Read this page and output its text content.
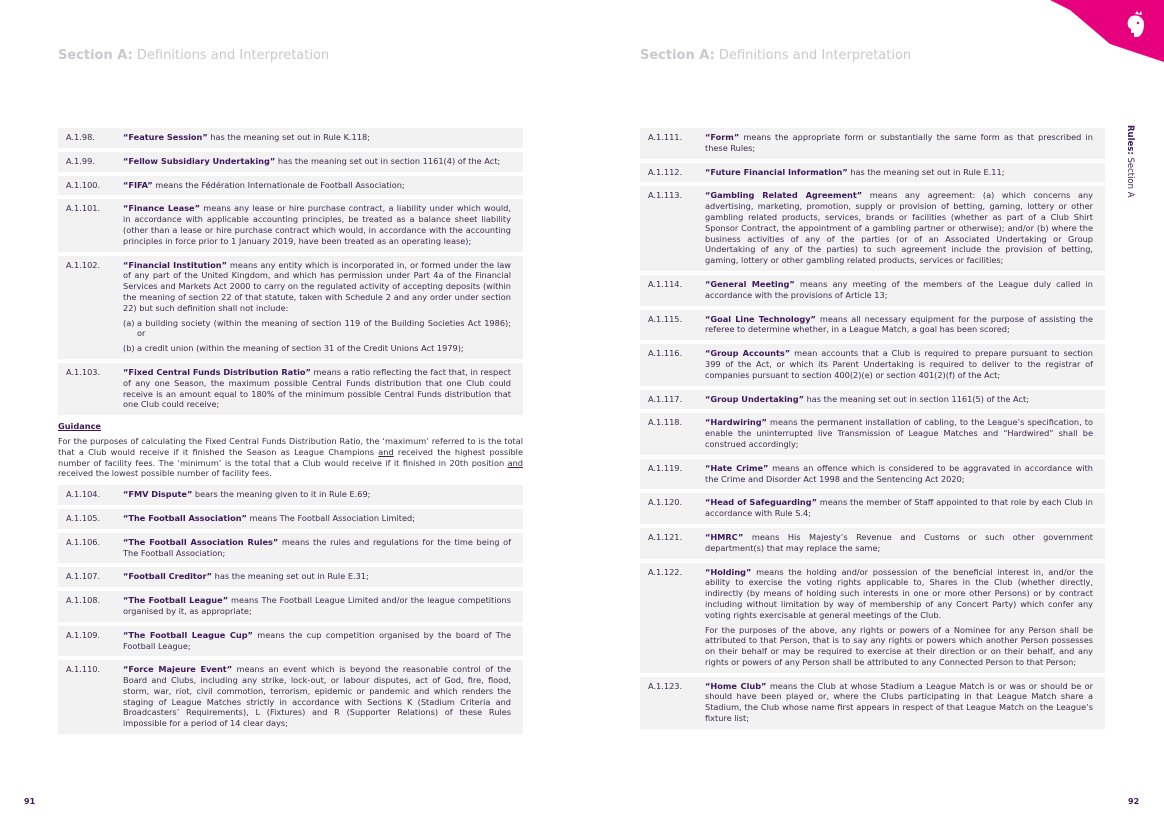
Section A: Definitions and Interpretation
A.1.98.	“Feature Session” has the meaning set out in Rule K.118;
A.1.99.	“Fellow Subsidiary Undertaking” has the meaning set out in section 1161(4) of the Act;
A.1.100.	“FIFA” means the Fédération Internationale de Football Association;
A.1.101.	“Finance Lease” means any lease or hire purchase contract, a liability under which would, in accordance with applicable accounting principles, be treated as a balance sheet liability (other than a lease or hire purchase contract which would, in accordance with the accounting principles in force prior to 1 January 2019, have been treated as an operating lease);
A.1.102.	“Financial Institution” means any entity which is incorporated in, or formed under the law of any part of the United Kingdom, and which has permission under Part 4a of the Financial Services and Markets Act 2000 to carry on the regulated activity of accepting deposits (within the meaning of section 22 of that statute, taken with Schedule 2 and any order under section 22) but such definition shall not include:

(a) a building society (within the meaning of section 119 of the Building Societies Act 1986); or
(b) a credit union (within the meaning of section 31 of the Credit Unions Act 1979);
A.1.103.	“Fixed Central Funds Distribution Ratio” means a ratio reflecting the fact that, in respect of any one Season, the maximum possible Central Funds distribution that one Club could receive is an amount equal to 180% of the minimum possible Central Funds distribution that one Club could receive;
Guidance
For the purposes of calculating the Fixed Central Funds Distribution Ratio, the ‘maximum’ referred to is the total that a Club would receive if it finished the Season as League Champions and received the highest possible number of facility fees. The ‘minimum’ is the total that a Club would receive if it finished in 20th position and received the lowest possible number of facility fees.
A.1.104.	“FMV Dispute” bears the meaning given to it in Rule E.69;
A.1.105.	“The Football Association” means The Football Association Limited;
A.1.106.	“The Football Association Rules” means the rules and regulations for the time being of The Football Association;
A.1.107.	“Football Creditor” has the meaning set out in Rule E.31;
A.1.108.	“The Football League” means The Football League Limited and/or the league competitions organised by it, as appropriate;
A.1.109.	“The Football League Cup” means the cup competition organised by the board of The Football League;
A.1.110.	“Force Majeure Event” means an event which is beyond the reasonable control of the Board and Clubs, including any strike, lock-out, or labour disputes, act of God, fire, flood, storm, war, riot, civil commotion, terrorism, epidemic or pandemic and which renders the staging of League Matches strictly in accordance with Sections K (Stadium Criteria and Broadcasters’ Requirements), L (Fixtures) and R (Supporter Relations) of these Rules impossible for a period of 14 clear days;
91
Section A: Definitions and Interpretation
A.1.111.	“Form” means the appropriate form or substantially the same form as that prescribed in these Rules;
A.1.112.	“Future Financial Information” has the meaning set out in Rule E.11;
A.1.113.	“Gambling Related Agreement” means any agreement: (a) which concerns any advertising, marketing, promotion, supply or provision of betting, gaming, lottery or other gambling related products, services, brands or facilities (whether as part of a Club Shirt Sponsor Contract, the appointment of a gambling partner or otherwise); and/or (b) where the business activities of any of the parties (or of an Associated Undertaking or Group Undertaking of any of the parties) to such agreement include the provision of betting, gaming, lottery or other gambling related products, services or facilities;
A.1.114.	“General Meeting” means any meeting of the members of the League duly called in accordance with the provisions of Article 13;
A.1.115.	“Goal Line Technology” means all necessary equipment for the purpose of assisting the referee to determine whether, in a League Match, a goal has been scored;
A.1.116.	“Group Accounts” mean accounts that a Club is required to prepare pursuant to section 399 of the Act, or which its Parent Undertaking is required to deliver to the registrar of companies pursuant to section 400(2)(e) or section 401(2)(f) of the Act;
A.1.117.	“Group Undertaking” has the meaning set out in section 1161(5) of the Act;
A.1.118.	“Hardwiring” means the permanent installation of cabling, to the League’s specification, to enable the uninterrupted live Transmission of League Matches and “Hardwired” shall be construed accordingly;
A.1.119.	“Hate Crime” means an offence which is considered to be aggravated in accordance with the Crime and Disorder Act 1998 and the Sentencing Act 2020;
A.1.120.	“Head of Safeguarding” means the member of Staff appointed to that role by each Club in accordance with Rule S.4;
A.1.121.	“HMRC” means His Majesty’s Revenue and Customs or such other government department(s) that may replace the same;
A.1.122.	“Holding” means the holding and/or possession of the beneficial interest in, and/or the ability to exercise the voting rights applicable to, Shares in the Club (whether directly, indirectly (by means of holding such interests in one or more other Persons) or by contract including without limitation by way of membership of any Concert Party) which confer any voting rights exercisable at general meetings of the Club.

For the purposes of the above, any rights or powers of a Nominee for any Person shall be attributed to that Person, that is to say any rights or powers which another Person possesses on their behalf or may be required to exercise at their direction or on their behalf, and any rights or powers of any Person shall be attributed to any Connected Person to that Person;

A.1.123.	“Home Club” means the Club at whose Stadium a League Match is or was or should be or should have been played or, where the Clubs participating in that League Match share a Stadium, the Club whose name first appears in respect of that League Match on the League’s fixture list;
92
Rules: Section A
